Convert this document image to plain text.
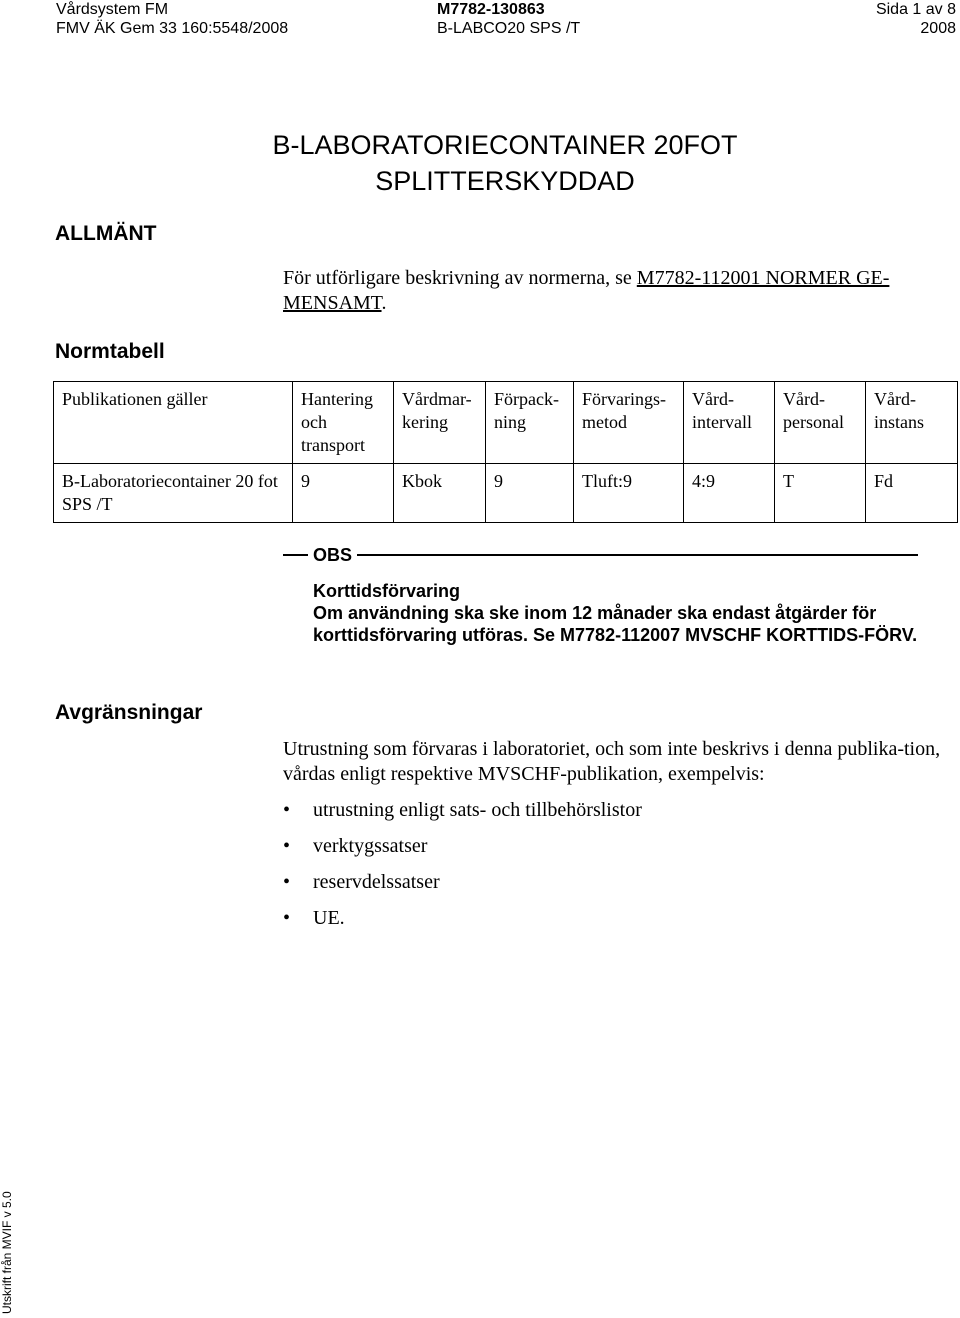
Vårdsystem FM
FMV ÄK Gem 33 160:5548/2008
M7782-130863
B-LABCO20 SPS /T
Sida 1 av 8
2008
B-LABORATORIECONTAINER 20FOT
SPLITTERSKYDDAD
ALLMÄNT
För utförligare beskrivning av normerna, se M7782-112001 NORMER GE-
MENSAMT.
Normtabell
Publikationen gäller	Hantering och transport	Vårdmar-kering	Förpack-ning	Förvarings-metod	Vård-intervall	Vård-personal	Vård-instans
B-Laboratoriecontainer 20 fot SPS /T	9	Kbok	9	Tluft:9	4:9	T	Fd
OBS
Korttidsförvaring
Om användning ska ske inom 12 månader ska endast åtgärder för korttidsförvaring utföras. Se M7782-112007 MVSCHF KORTTIDS-FÖRV.
Avgränsningar
Utrustning som förvaras i laboratoriet, och som inte beskrivs i denna publika-tion, vårdas enligt respektive MVSCHF-publikation, exempelvis:
• utrustning enligt sats- och tillbehörslistor
• verktygssatser
• reservdelssatser
• UE.
Utskrift från MVIF v 5.0
